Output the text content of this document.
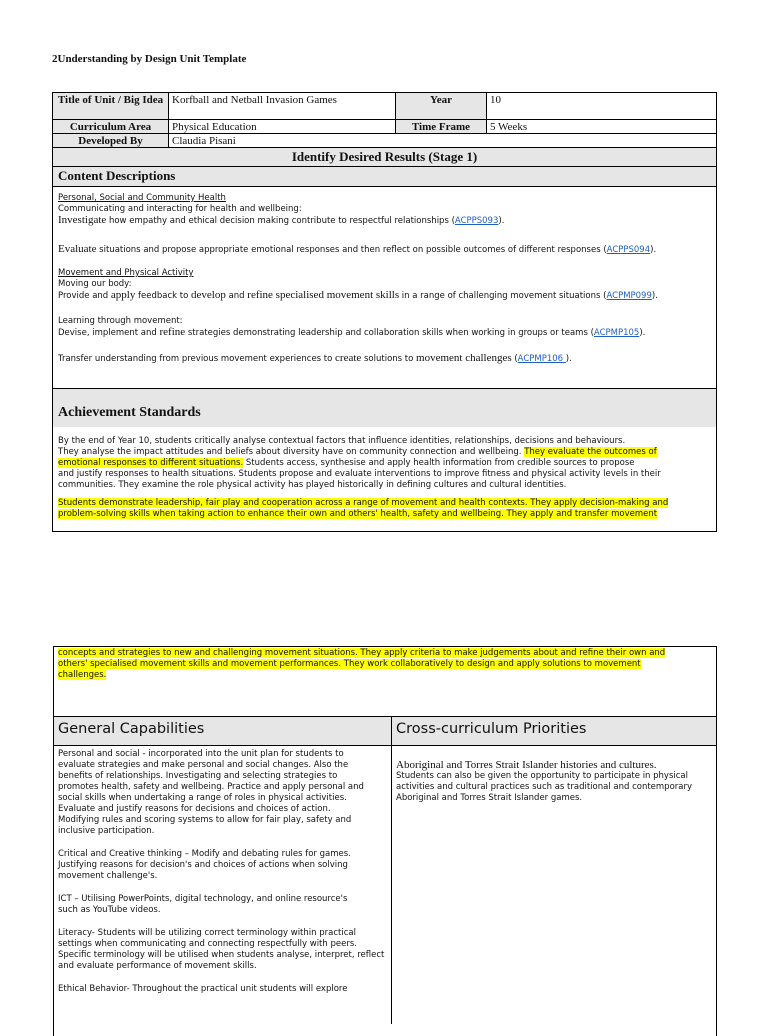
2Understanding by Design Unit Template
Title of Unit / Big Idea Korfball and Netball Invasion Games	Year	10
Curriculum Area	Physical Education	Time Frame	5 Weeks
Developed By	Claudia Pisani
Identify Desired Results (Stage 1)
Content Descriptions
Personal, Social and Community Health
Communicating and interacting for health and wellbeing:
Investigate how empathy and ethical decision making contribute to respectful relationships (ACPPS093).
Evaluate situations and propose appropriate emotional responses and then reflect on possible outcomes of different responses (ACPPS094).
Movement and Physical Activity
Moving our body:
Provide and apply feedback to develop and refine specialised movement skills in a range of challenging movement situations (ACPMP099).
Learning through movement:
Devise, implement and refine strategies demonstrating leadership and collaboration skills when working in groups or teams (ACPMP105).
Transfer understanding from previous movement experiences to create solutions to movement challenges (ACPMP106 ).
Achievement Standards
By the end of Year 10, students critically analyse contextual factors that influence identities, relationships, decisions and behaviours.
They analyse the impact attitudes and beliefs about diversity have on community connection and wellbeing. They evaluate the outcomes of
emotional responses to different situations. Students access, synthesise and apply health information from credible sources to propose
and justify responses to health situations. Students propose and evaluate interventions to improve fitness and physical activity levels in their
communities. They examine the role physical activity has played historically in defining cultures and cultural identities.
Students demonstrate leadership, fair play and cooperation across a range of movement and health contexts. They apply decision-making and
problem-solving skills when taking action to enhance their own and others' health, safety and wellbeing. They apply and transfer movement
concepts and strategies to new and challenging movement situations. They apply criteria to make judgements about and refine their own and
others' specialised movement skills and movement performances. They work collaboratively to design and apply solutions to movement
challenges.
General Capabilities	Cross-curriculum Priorities
Personal and social - incorporated into the unit plan for students to
evaluate strategies and make personal and social changes. Also the
benefits of relationships. Investigating and selecting strategies to
promotes health, safety and wellbeing. Practice and apply personal and
social skills when undertaking a range of roles in physical activities.
Evaluate and justify reasons for decisions and choices of action.
Modifying rules and scoring systems to allow for fair play, safety and
inclusive participation.
Critical and Creative thinking – Modify and debating rules for games.
Justifying reasons for decision's and choices of actions when solving
movement challenge's.
ICT – Utilising PowerPoints, digital technology, and online resource's
such as YouTube videos.
Literacy- Students will be utilizing correct terminology within practical
settings when communicating and connecting respectfully with peers.
Specific terminology will be utilised when students analyse, interpret, reflect
and evaluate performance of movement skills.
Ethical Behavior- Throughout the practical unit students will explore
Aboriginal and Torres Strait Islander histories and cultures.
Students can also be given the opportunity to participate in physical
activities and cultural practices such as traditional and contemporary
Aboriginal and Torres Strait Islander games.
